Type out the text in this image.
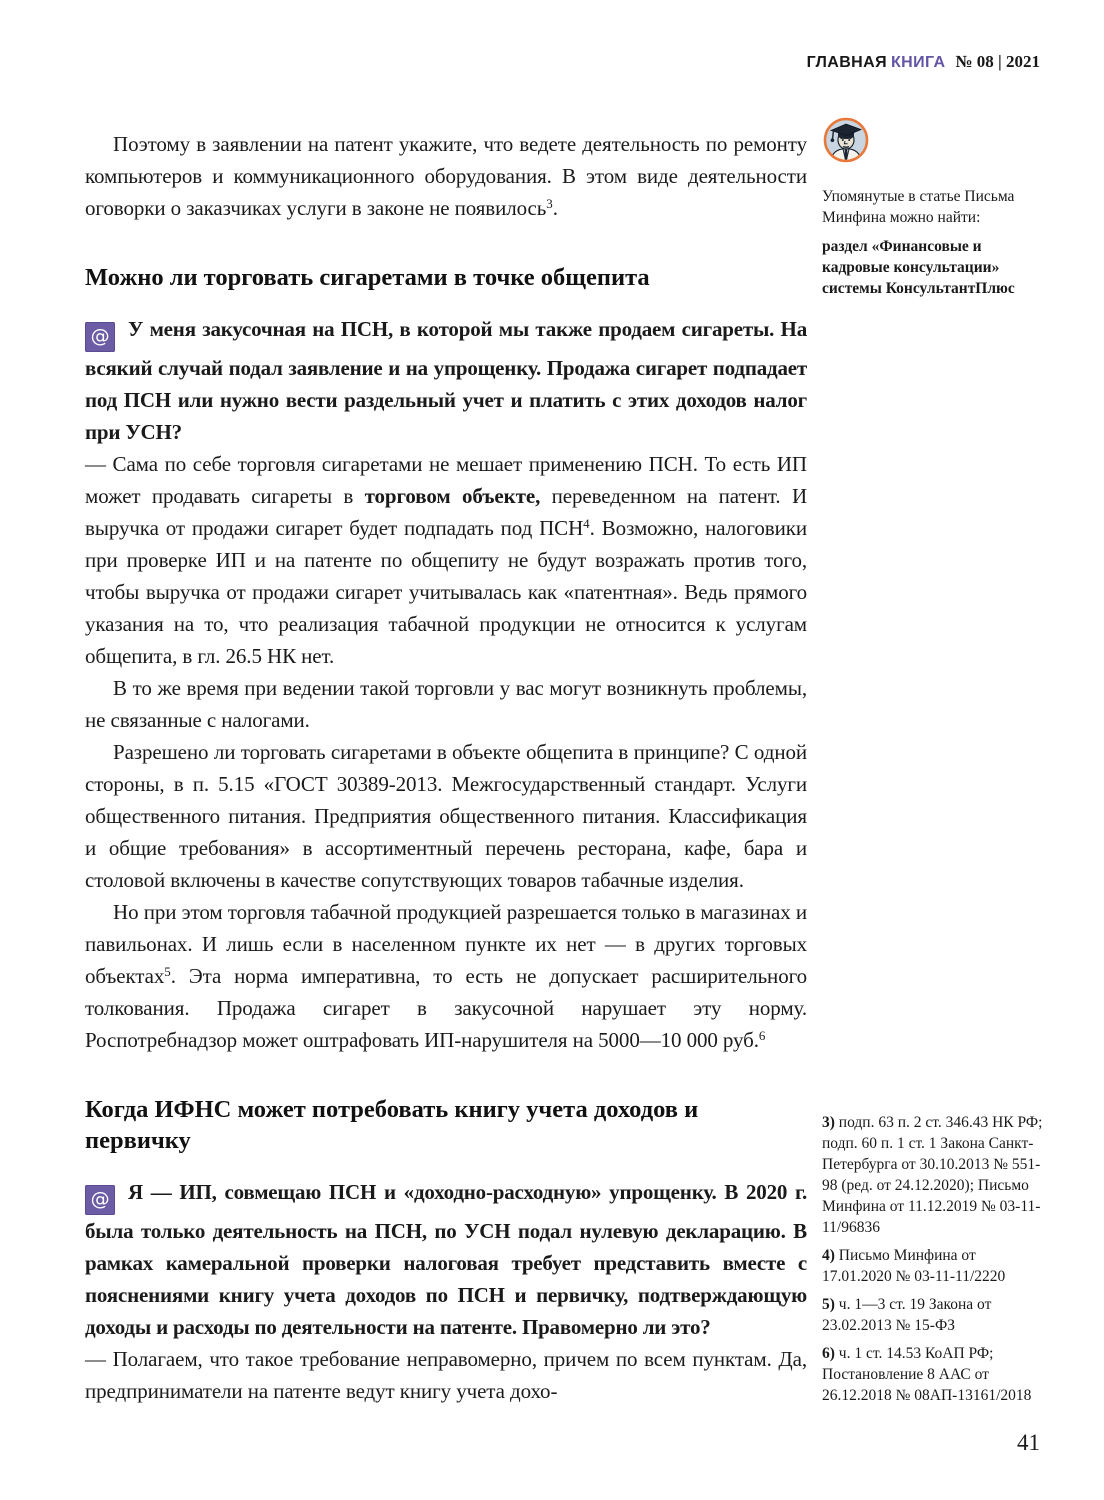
ГЛАВНАЯ КНИГА № 08 | 2021

Поэтому в заявлении на патент укажите, что ведете деятельность по ремонту компьютеров и коммуникационного оборудования. В этом виде деятельности оговорки о заказчиках услуги в законе не появилось$^3$.

Можно ли торговать сигаретами в точке общепита

@ У меня закусочная на ПСН, в которой мы также продаем сигареты. На всякий случай подал заявление и на упрощенку. Продажа сигарет подпадает под ПСН или нужно вести раздельный учет и платить с этих доходов налог при УСН?

— Сама по себе торговля сигаретами не мешает применению ПСН. То есть ИП может продавать сигареты в торговом объекте, переведенном на патент. И выручка от продажи сигарет будет подпадать под ПСН$^4$. Возможно, налоговики при проверке ИП и на патенте по общепиту не будут возражать против того, чтобы выручка от продажи сигарет учитывалась как «патентная». Ведь прямого указания на то, что реализация табачной продукции не относится к услугам общепита, в гл. 26.5 НК нет.

В то же время при ведении такой торговли у вас могут возникнуть проблемы, не связанные с налогами.

Разрешено ли торговать сигаретами в объекте общепита в принципе? С одной стороны, в п. 5.15 «ГОСТ 30389-2013. Межгосударственный стандарт. Услуги общественного питания. Предприятия общественного питания. Классификация и общие требования» в ассортиментный перечень ресторана, кафе, бара и столовой включены в качестве сопутствующих товаров табачные изделия.

Но при этом торговля табачной продукцией разрешается только в магазинах и павильонах. И лишь если в населенном пункте их нет — в других торговых объектах$^5$. Эта норма императивна, то есть не допускает расширительного толкования. Продажа сигарет в закусочной нарушает эту норму. Роспотребнадзор может оштрафовать ИП-нарушителя на 5000—10 000 руб.$^6$

Когда ИФНС может потребовать книгу учета доходов и первичку

@ Я — ИП, совмещаю ПСН и «доходно-расходную» упрощенку. В 2020 г. была только деятельность на ПСН, по УСН подал нулевую декларацию. В рамках камеральной проверки налоговая требует представить вместе с пояснениями книгу учета доходов по ПСН и первичку, подтверждающую доходы и расходы по деятельности на патенте. Правомерно ли это?

— Полагаем, что такое требование неправомерно, причем по всем пунктам. Да, предприниматели на патенте ведут книгу учета дохо-

Упомянутые в статье Письма Минфина можно найти:
раздел «Финансовые и кадровые консультации» системы КонсультантПлюс

3) подп. 63 п. 2 ст. 346.43 НК РФ; подп. 60 п. 1 ст. 1 Закона Санкт-Петербурга от 30.10.2013 № 551-98 (ред. от 24.12.2020); Письмо Минфина от 11.12.2019 № 03-11-11/96836

4) Письмо Минфина от 17.01.2020 № 03-11-11/2220

5) ч. 1—3 ст. 19 Закона от 23.02.2013 № 15-ФЗ

6) ч. 1 ст. 14.53 КоАП РФ; Постановление 8 ААС от 26.12.2018 № 08АП-13161/2018

41
